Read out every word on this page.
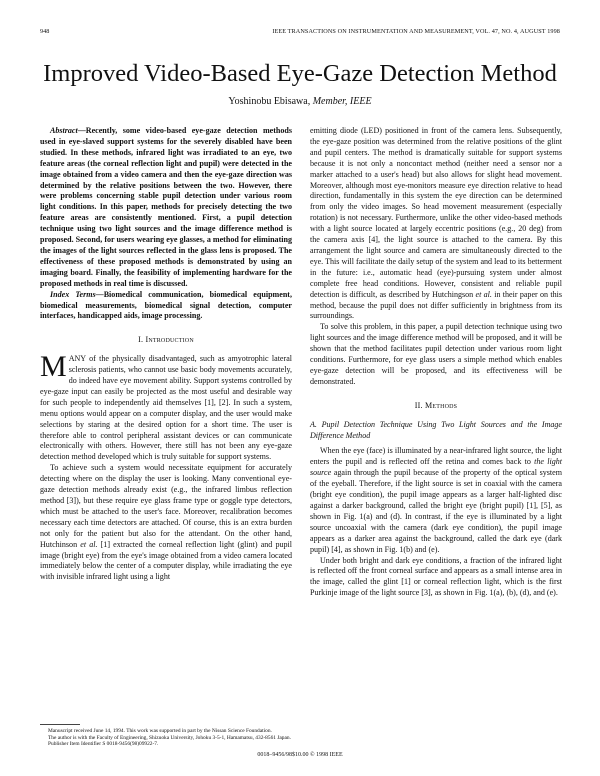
948	IEEE TRANSACTIONS ON INSTRUMENTATION AND MEASUREMENT, VOL. 47, NO. 4, AUGUST 1998
Improved Video-Based Eye-Gaze Detection Method
Yoshinobu Ebisawa, Member, IEEE

Abstract—Recently, some video-based eye-gaze detection methods used in eye-slaved support systems for the severely disabled have been studied. In these methods, infrared light was irradiated to an eye, two feature areas (the corneal reflection light and pupil) were detected in the image obtained from a video camera and then the eye-gaze direction was determined by the relative positions between the two. However, there were problems concerning stable pupil detection under various room light conditions. In this paper, methods for precisely detecting the two feature areas are consistently mentioned. First, a pupil detection technique using two light sources and the image difference method is proposed. Second, for users wearing eye glasses, a method for eliminating the images of the light sources reflected in the glass lens is proposed. The effectiveness of these proposed methods is demonstrated by using an imaging board. Finally, the feasibility of implementing hardware for the proposed methods in real time is discussed.

Index Terms—Biomedical communication, biomedical equipment, biomedical measurements, biomedical signal detection, computer interfaces, handicapped aids, image processing.

I. Introduction

MANY of the physically disadvantaged, such as amyotrophic lateral sclerosis patients, who cannot use basic body movements accurately, do indeed have eye movement ability. Support systems controlled by eye-gaze input can easily be projected as the most useful and desirable way for such people to independently aid themselves [1], [2]. In such a system, menu options would appear on a computer display, and the user would make selections by staring at the desired option for a short time. The user is therefore able to control peripheral assistant devices or can communicate electronically with others. However, there still has not been any eye-gaze detection method developed which is truly suitable for support systems.

To achieve such a system would necessitate equipment for accurately detecting where on the display the user is looking. Many conventional eye-gaze detection methods already exist (e.g., the infrared limbus reflection method [3]), but these require eye glass frame type or goggle type detectors, which must be attached to the user's face. Moreover, recalibration becomes necessary each time detectors are attached. Of course, this is an extra burden not only for the patient but also for the attendant. On the other hand, Hutchinson et al. [1] extracted the corneal reflection light (glint) and pupil image (bright eye) from the eye's image obtained from a video camera located immediately below the center of a computer display, while irradiating the eye with invisible infrared light using a light

emitting diode (LED) positioned in front of the camera lens. Subsequently, the eye-gaze position was determined from the relative positions of the glint and pupil centers. The method is dramatically suitable for support systems because it is not only a noncontact method (neither need a sensor nor a marker attached to a user's head) but also allows for slight head movement. Moreover, although most eye-monitors measure eye direction relative to head direction, fundamentally in this system the eye direction can be determined from only the video images. So head movement measurement (especially rotation) is not necessary. Furthermore, unlike the other video-based methods with a light source located at largely eccentric positions (e.g., 20 deg) from the camera axis [4], the light source is attached to the camera. By this arrangement the light source and camera are simultaneously directed to the eye. This will facilitate the daily setup of the system and lead to its betterment in the future: i.e., automatic head (eye)-pursuing system under almost complete free head conditions. However, consistent and reliable pupil detection is difficult, as described by Hutchingson et al. in their paper on this method, because the pupil does not differ sufficiently in brightness from its surroundings.

To solve this problem, in this paper, a pupil detection technique using two light sources and the image difference method will be proposed, and it will be shown that the method facilitates pupil detection under various room light conditions. Furthermore, for eye glass users a simple method which enables eye-gaze detection will be proposed, and its effectiveness will be demonstrated.

II. Methods
A. Pupil Detection Technique Using Two Light Sources and the Image Difference Method

When the eye (face) is illuminated by a near-infrared light source, the light enters the pupil and is reflected off the retina and comes back to the light source again through the pupil because of the property of the optical system of the eyeball. Therefore, if the light source is set in coaxial with the camera (bright eye condition), the pupil image appears as a larger half-lighted disc against a darker background, called the bright eye (bright pupil) [1], [5], as shown in Fig. 1(a) and (d). In contrast, if the eye is illuminated by a light source uncoaxial with the camera (dark eye condition), the pupil image appears as a darker area against the background, called the dark eye (dark pupil) [4], as shown in Fig. 1(b) and (e).

Under both bright and dark eye conditions, a fraction of the infrared light is reflected off the front corneal surface and appears as a small intense area in the image, called the glint [1] or corneal reflection light, which is the first Purkinje image of the light source [3], as shown in Fig. 1(a), (b), (d), and (e).

Manuscript received June 14, 1994. This work was supported in part by the Nissan Science Foundation.

The author is with the Faculty of Engineering, Shizuoka University, Johoku 3-5-1, Hamamatsu, 432-8561 Japan.

Publisher Item Identifier S 0018-9456(98)09922-7.

0018–9456/98$10.00 © 1998 IEEE
